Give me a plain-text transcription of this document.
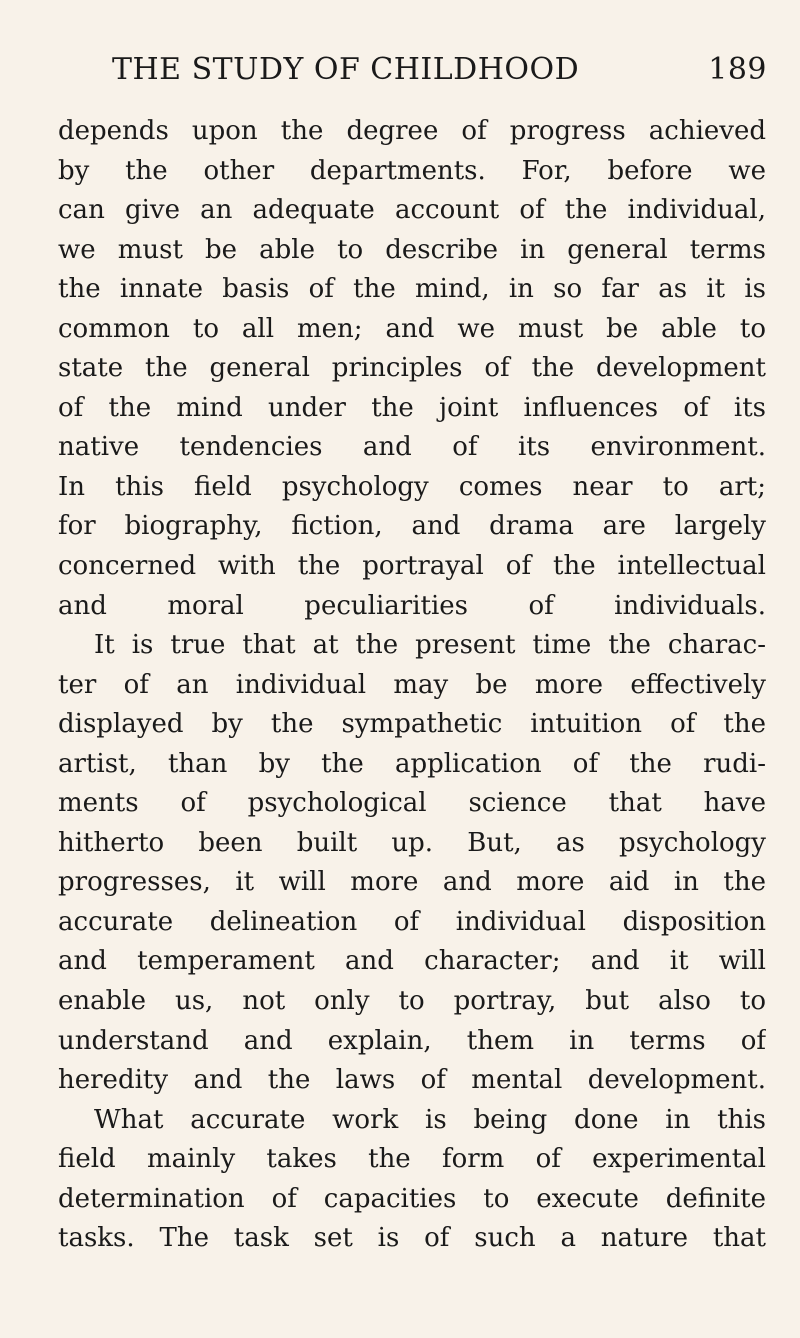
THE STUDY OF CHILDHOOD	189
depends upon the degree of progress achieved
by the other departments. For, before we
can give an adequate account of the individual,
we must be able to describe in general terms
the innate basis of the mind, in so far as it is
common to all men; and we must be able to
state the general principles of the development
of the mind under the joint influences of its
native tendencies and of its environment.
In this field psychology comes near to art;
for biography, fiction, and drama are largely
concerned with the portrayal of the intellectual
and moral peculiarities of individuals.
It is true that at the present time the charac-
ter of an individual may be more effectively
displayed by the sympathetic intuition of the
artist, than by the application of the rudi-
ments of psychological science that have
hitherto been built up. But, as psychology
progresses, it will more and more aid in the
accurate delineation of individual disposition
and temperament and character; and it will
enable us, not only to portray, but also to
understand and explain, them in terms of
heredity and the laws of mental development.
What accurate work is being done in this
field mainly takes the form of experimental
determination of capacities to execute definite
tasks. The task set is of such a nature that
